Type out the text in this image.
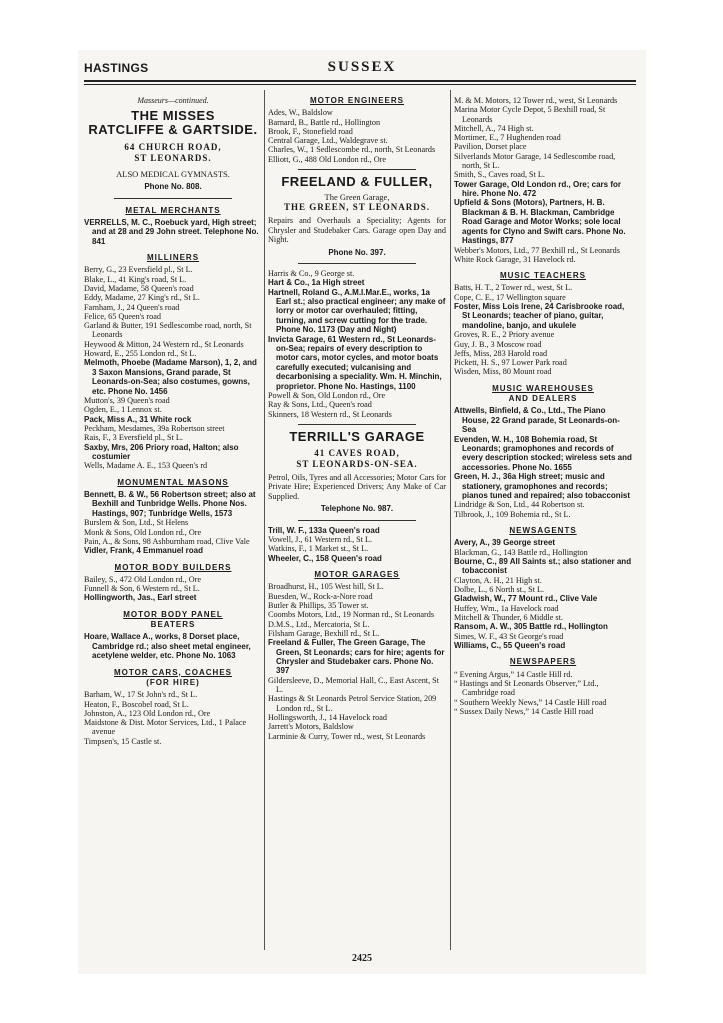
HASTINGS	SUSSEX
Masseurs—continued.
THE MISSES
RATCLIFFE & GARTSIDE.
64 CHURCH ROAD,
ST LEONARDS.
ALSO MEDICAL GYMNASTS.
Phone No. 808.
METAL MERCHANTS

VERRELLS, M. C., Roebuck yard, High street; and at 28 and 29 John street. Telephone No. 841

MILLINERS

Berry, G., 23 Eversfield pl., St L.

Blake, L., 41 King's road, St L.

David, Madame, 58 Queen's road

Eddy, Madame, 27 King's rd., St L.

Farnham, J., 24 Queen's road

Felice, 65 Queen's road

Garland & Butter, 191 Sedlescombe road, north, St Leonards

Heywood & Mitton, 24 Western rd., St Leonards

Howard, E., 255 London rd., St L.

Melmoth, Phoebe (Madame Marson), 1, 2, and 3 Saxon Mansions, Grand parade, St Leonards-on-Sea; also costumes, gowns, etc. Phone No. 1456

Mutton's, 39 Queen's road

Ogden, E., 1 Lennox st.

Pack, Miss A., 31 White rock

Peckham, Mesdames, 39a Robertson street

Rais, F., 3 Eversfield pl., St L.

Saxby, Mrs, 206 Priory road, Halton; also costumier

Wells, Madame A. E., 153 Queen's rd

MONUMENTAL MASONS

Bennett, B. & W., 56 Robertson street; also at Bexhill and Tunbridge Wells. Phone Nos. Hastings, 907; Tunbridge Wells, 1573

Burslem & Son, Ltd., St Helens

Monk & Sons, Old London rd., Ore

Pain, A., & Sons, 98 Ashburnham road, Clive Vale

Vidler, Frank, 4 Emmanuel road

MOTOR BODY BUILDERS

Bailey, S., 472 Old London rd., Ore

Funnell & Son, 6 Western rd., St L.

Hollingworth, Jas., Earl street

MOTOR BODY PANEL
BEATERS

Hoare, Wallace A., works, 8 Dorset place, Cambridge rd.; also sheet metal engineer, acetylene welder, etc. Phone No. 1063

MOTOR CARS, COACHES
(FOR HIRE)

Barham, W., 17 St John's rd., St L.

Heaton, F., Boscobel road, St L.

Johnston, A., 123 Old London rd., Ore

Maidstone & Dist. Motor Services, Ltd., 1 Palace avenue

Timpsen's, 15 Castle st.

MOTOR ENGINEERS

Ades, W., Baldslow

Barnard, B., Battle rd., Hollington

Brook, F., Stonefield road

Central Garage, Ltd., Waldegrave st.

Charles, W., 1 Sedlescombe rd., north, St Leonards

Elliott, G., 488 Old London rd., Ore

FREELAND & FULLER,
The Green Garage,
THE GREEN, ST LEONARDS.
Repairs and Overhauls a Speciality; Agents for Chrysler and Studebaker Cars. Garage open Day and Night.
Phone No. 397.

Harris & Co., 9 George st.

Hart & Co., 1a High street

Hartnell, Roland G., A.M.I.Mar.E., works, 1a Earl st.; also practical engineer; any make of lorry or motor car overhauled; fitting, turning, and screw cutting for the trade. Phone No. 1173 (Day and Night)

Invicta Garage, 61 Western rd., St Leonards-on-Sea; repairs of every description to motor cars, motor cycles, and motor boats carefully executed; vulcanising and decarbonising a speciality. Wm. H. Minchin, proprietor. Phone No. Hastings, 1100

Powell & Son, Old London rd., Ore

Ray & Sons, Ltd., Queen's road

Skinners, 18 Western rd., St Leonards

TERRILL'S GARAGE
41 CAVES ROAD,
ST LEONARDS-ON-SEA.
Petrol, Oils, Tyres and all Accessories; Motor Cars for Private Hire; Experienced Drivers; Any Make of Car Supplied.
Telephone No. 987.

Trill, W. F., 133a Queen's road

Vowell, J., 61 Western rd., St L.

Watkins, F., 1 Market st., St L.

Wheeler, C., 158 Queen's road

MOTOR GARAGES

Broadhurst, H., 105 West hill, St L.

Buesden, W., Rock-a-Nore road

Butler & Phillips, 35 Tower st.

Coombs Motors, Ltd., 19 Norman rd., St Leonards

D.M.S., Ltd., Mercatoria, St L.

Filsham Garage, Bexhill rd., St L.

Freeland & Fuller, The Green Garage, The Green, St Leonards; cars for hire; agents for Chrysler and Studebaker cars. Phone No. 397

Gildersleeve, D., Memorial Hall, C., East Ascent, St L.

Hastings & St Leonards Petrol Service Station, 209 London rd., St L.

Hollingsworth, J., 14 Havelock road

Jarrett's Motors, Baldslow

Larminie & Curry, Tower rd., west, St Leonards

M. & M. Motors, 12 Tower rd., west, St Leonards

Marina Motor Cycle Depot, 5 Bexhill road, St Leonards

Mitchell, A., 74 High st.

Mortimer, E., 7 Hughenden road

Pavilion, Dorset place

Silverlands Motor Garage, 14 Sedlescombe road, north, St L.

Smith, S., Caves road, St L.

Tower Garage, Old London rd., Ore; cars for hire. Phone No. 472

Upfield & Sons (Motors), Partners, H. B. Blackman & B. H. Blackman, Cambridge Road Garage and Motor Works; sole local agents for Clyno and Swift cars. Phone No. Hastings, 877

Webber's Motors, Ltd., 77 Bexhill rd., St Leonards

White Rock Garage, 31 Havelock rd.

MUSIC TEACHERS

Batts, H. T., 2 Tower rd., west, St L.

Cope, C. E., 17 Wellington square

Foster, Miss Lois Irene, 24 Carisbrooke road, St Leonards; teacher of piano, guitar, mandoline, banjo, and ukulele

Groves, R. E., 2 Priory avenue

Guy, J. B., 3 Moscow road

Jeffs, Miss, 283 Harold road

Pickett, H. S., 97 Lower Park road

Wisden, Miss, 80 Mount road

MUSIC WAREHOUSES
AND DEALERS

Attwells, Binfield, & Co., Ltd., The Piano House, 22 Grand parade, St Leonards-on-Sea

Evenden, W. H., 108 Bohemia road, St Leonards; gramophones and records of every description stocked; wireless sets and accessories. Phone No. 1655

Green, H. J., 36a High street; music and stationery, gramophones and records; pianos tuned and repaired; also tobacconist

Lindridge & Son, Ltd., 44 Robertson st.

Tilbrook, J., 109 Bohemia rd., St L.

NEWSAGENTS

Avery, A., 39 George street

Blackman, G., 143 Battle rd., Hollington

Bourne, C., 89 All Saints st.; also stationer and tobacconist

Clayton, A. H., 21 High st.

Dolbe, L., 6 North st., St L.

Gladwish, W., 77 Mount rd., Clive Vale

Huffey, Wm., 1a Havelock road

Mitchell & Thunder, 6 Middle st.

Ransom, A. W., 305 Battle rd., Hollington

Simes, W. F., 43 St George's road

Williams, C., 55 Queen's road

NEWSPAPERS

“ Evening Argus,” 14 Castle Hill rd.

“ Hastings and St Leonards Observer,” Ltd., Cambridge road

“ Southern Weekly News,” 14 Castle Hill road

“ Sussex Daily News,” 14 Castle Hill road

2425
